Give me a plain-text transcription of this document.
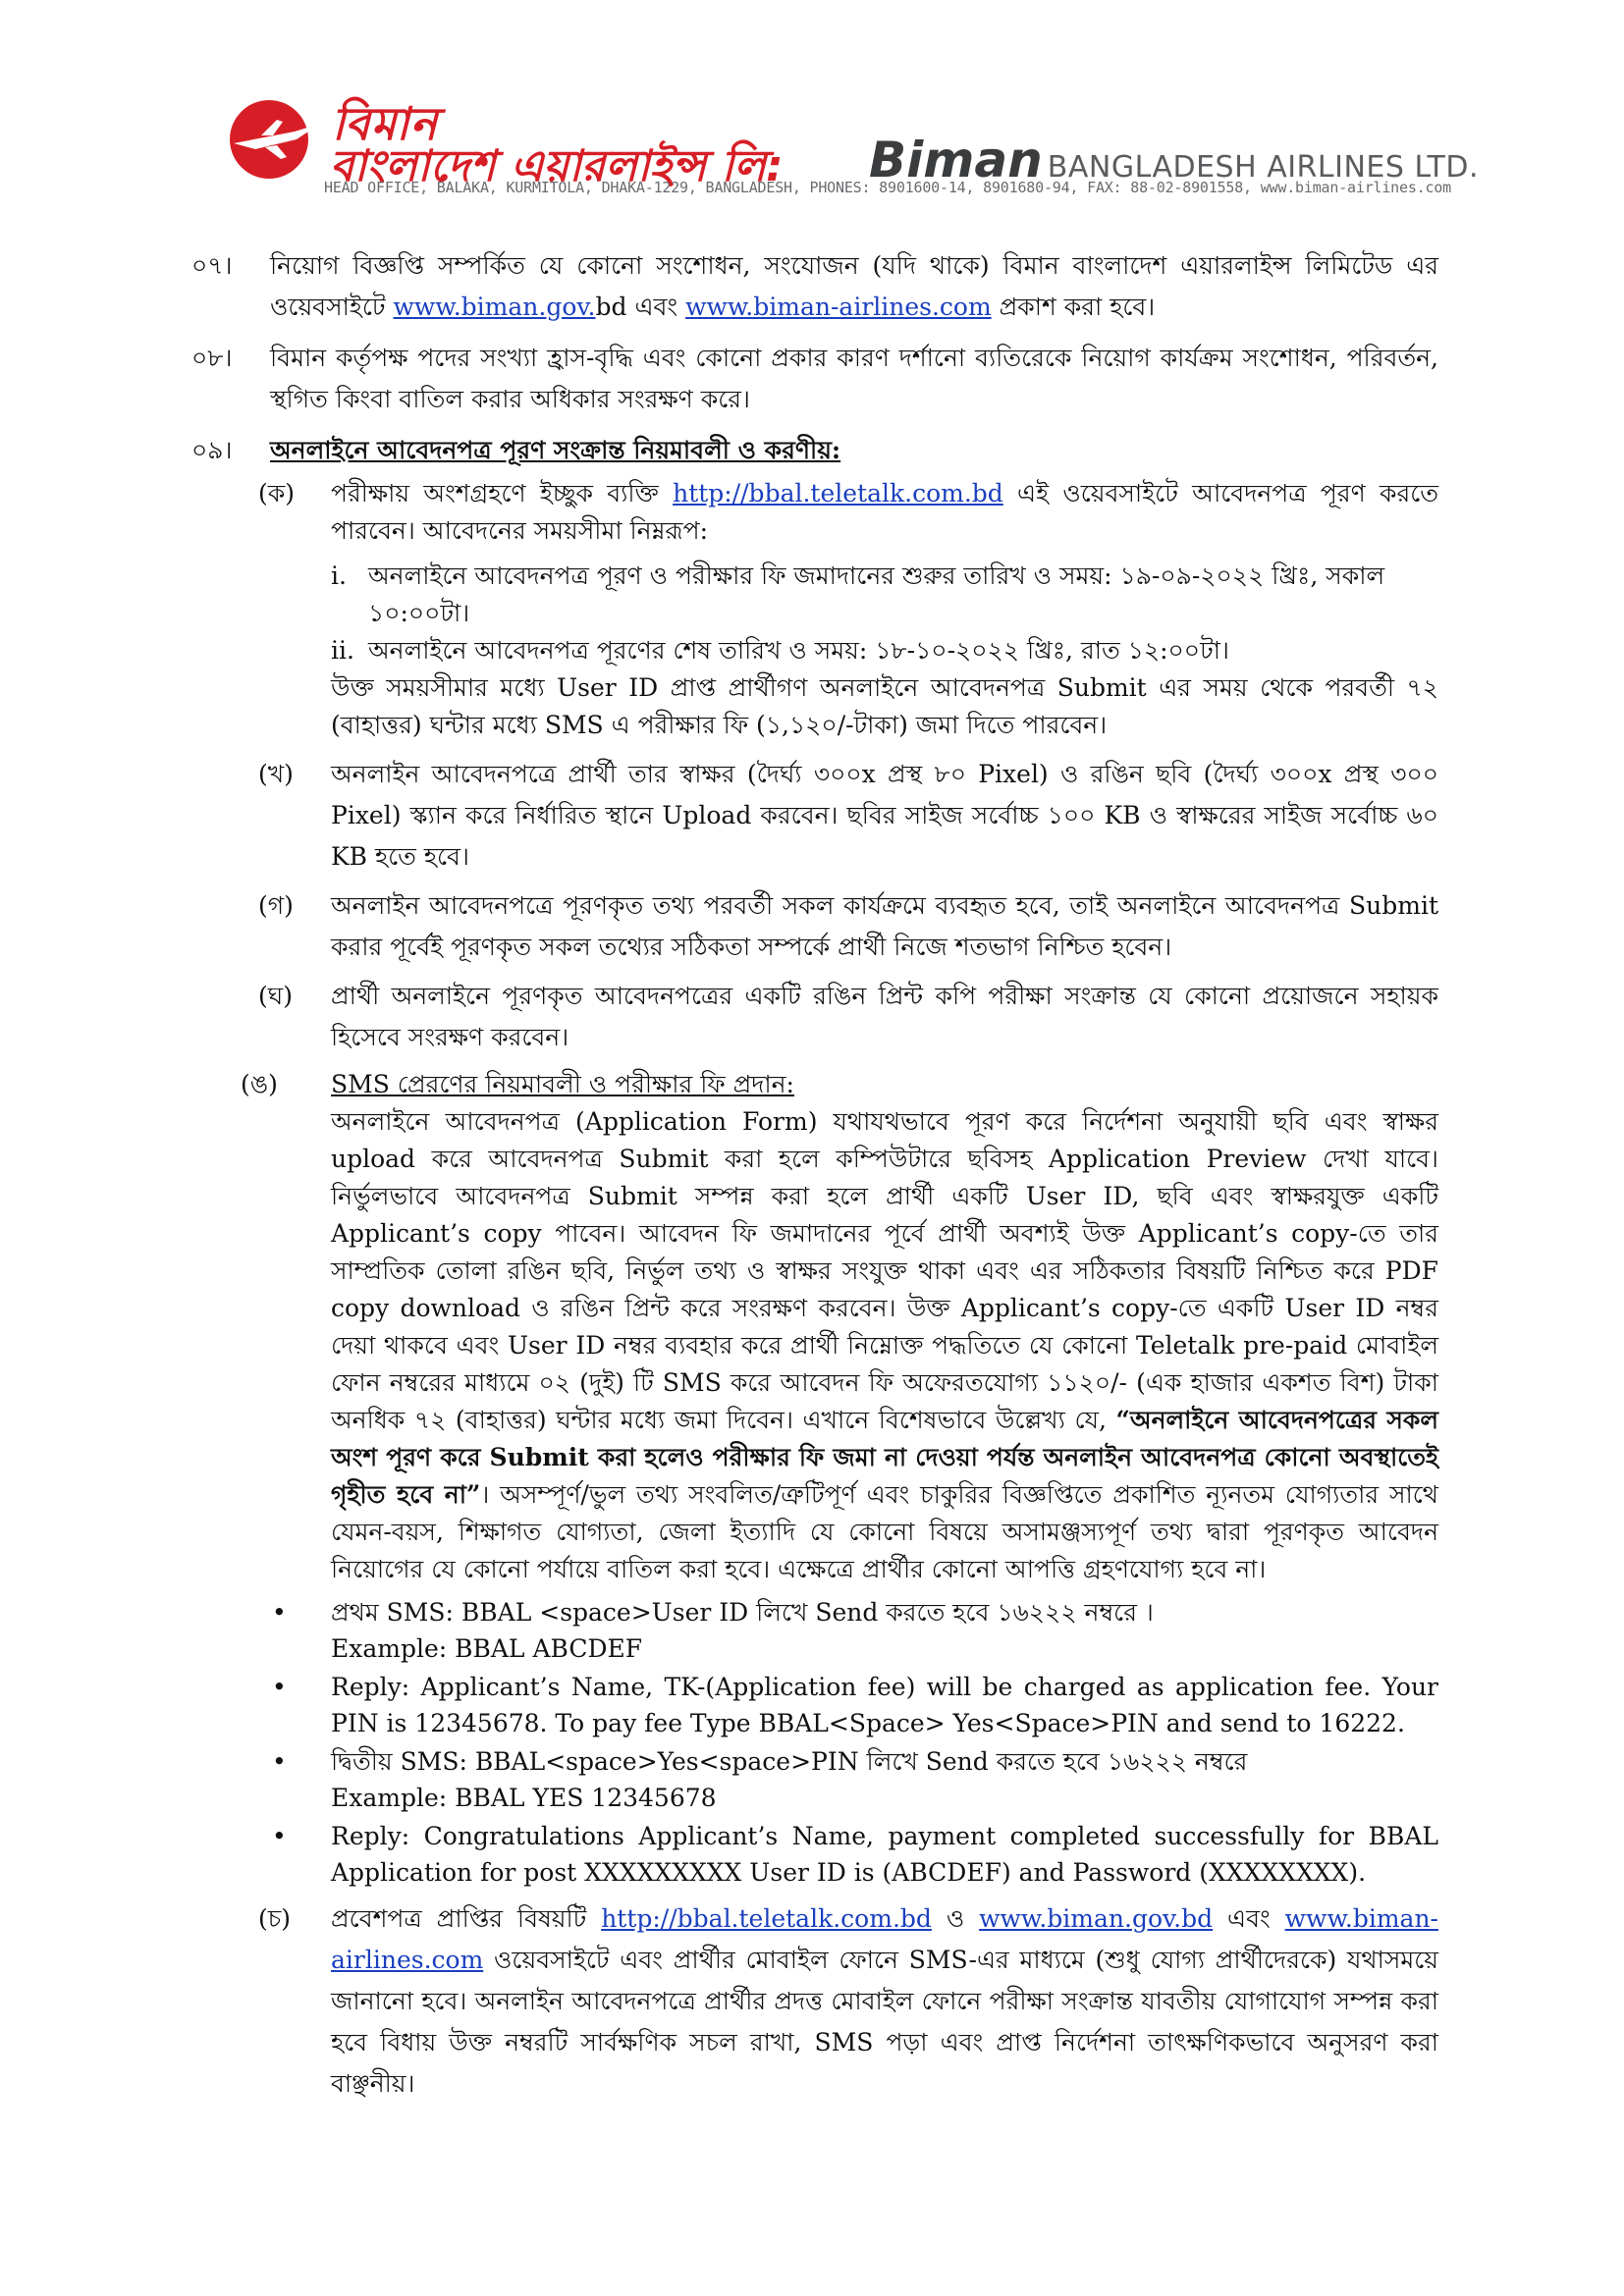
বিমান
বাংলাদেশ এয়ারলাইন্স লি: Biman BANGLADESH AIRLINES LTD.
HEAD OFFICE, BALAKA, KURMITOLA, DHAKA-1229, BANGLADESH, PHONES: 8901600-14, 8901680-94, FAX: 88-02-8901558, www.biman-airlines.com
০৭। নিয়োগ বিজ্ঞপ্তি সম্পর্কিত যে কোনো সংশোধন, সংযোজন (যদি থাকে) বিমান বাংলাদেশ এয়ারলাইন্স লিমিটেড এর ওয়েবসাইটে www.biman.gov.bd এবং www.biman-airlines.com প্রকাশ করা হবে।
০৮। বিমান কর্তৃপক্ষ পদের সংখ্যা হ্রাস-বৃদ্ধি এবং কোনো প্রকার কারণ দর্শানো ব্যতিরেকে নিয়োগ কার্যক্রম সংশোধন, পরিবর্তন, স্থগিত কিংবা বাতিল করার অধিকার সংরক্ষণ করে।
০৯। অনলাইনে আবেদনপত্র পূরণ সংক্রান্ত নিয়মাবলী ও করণীয়:
(ক) পরীক্ষায় অংশগ্রহণে ইচ্ছুক ব্যক্তি http://bbal.teletalk.com.bd এই ওয়েবসাইটে আবেদনপত্র পূরণ করতে পারবেন। আবেদনের সময়সীমা নিম্নরূপ:
i. অনলাইনে আবেদনপত্র পূরণ ও পরীক্ষার ফি জমাদানের শুরুর তারিখ ও সময়: ১৯-০৯-২০২২ খ্রিঃ, সকাল ১০:০০টা।
ii. অনলাইনে আবেদনপত্র পূরণের শেষ তারিখ ও সময়: ১৮-১০-২০২২ খ্রিঃ, রাত ১২:০০টা।
উক্ত সময়সীমার মধ্যে User ID প্রাপ্ত প্রার্থীগণ অনলাইনে আবেদনপত্র Submit এর সময় থেকে পরবর্তী ৭২ (বাহাত্তর) ঘন্টার মধ্যে SMS এ পরীক্ষার ফি (১,১২০/-টাকা) জমা দিতে পারবেন।
(খ) অনলাইন আবেদনপত্রে প্রার্থী তার স্বাক্ষর (দৈর্ঘ্য ৩০০x প্রস্থ ৮০ Pixel) ও রঙিন ছবি (দৈর্ঘ্য ৩০০x প্রস্থ ৩০০ Pixel) স্ক্যান করে নির্ধারিত স্থানে Upload করবেন। ছবির সাইজ সর্বোচ্চ ১০০ KB ও স্বাক্ষরের সাইজ সর্বোচ্চ ৬০ KB হতে হবে।
(গ) অনলাইন আবেদনপত্রে পূরণকৃত তথ্য পরবর্তী সকল কার্যক্রমে ব্যবহৃত হবে, তাই অনলাইনে আবেদনপত্র Submit করার পূর্বেই পূরণকৃত সকল তথ্যের সঠিকতা সম্পর্কে প্রার্থী নিজে শতভাগ নিশ্চিত হবেন।
(ঘ) প্রার্থী অনলাইনে পূরণকৃত আবেদনপত্রের একটি রঙিন প্রিন্ট কপি পরীক্ষা সংক্রান্ত যে কোনো প্রয়োজনে সহায়ক হিসেবে সংরক্ষণ করবেন।
(ঙ) SMS প্রেরণের নিয়মাবলী ও পরীক্ষার ফি প্রদান:
অনলাইনে আবেদনপত্র (Application Form) যথাযথভাবে পূরণ করে নির্দেশনা অনুযায়ী ছবি এবং স্বাক্ষর upload করে আবেদনপত্র Submit করা হলে কম্পিউটারে ছবিসহ Application Preview দেখা যাবে। নির্ভুলভাবে আবেদনপত্র Submit সম্পন্ন করা হলে প্রার্থী একটি User ID, ছবি এবং স্বাক্ষরযুক্ত একটি Applicant’s copy পাবেন। আবেদন ফি জমাদানের পূর্বে প্রার্থী অবশ্যই উক্ত Applicant’s copy-তে তার সাম্প্রতিক তোলা রঙিন ছবি, নির্ভুল তথ্য ও স্বাক্ষর সংযুক্ত থাকা এবং এর সঠিকতার বিষয়টি নিশ্চিত করে PDF copy download ও রঙিন প্রিন্ট করে সংরক্ষণ করবেন। উক্ত Applicant’s copy-তে একটি User ID নম্বর দেয়া থাকবে এবং User ID নম্বর ব্যবহার করে প্রার্থী নিম্নোক্ত পদ্ধতিতে যে কোনো Teletalk pre-paid মোবাইল ফোন নম্বরের মাধ্যমে ০২ (দুই) টি SMS করে আবেদন ফি অফেরতযোগ্য ১১২০/- (এক হাজার একশত বিশ) টাকা অনধিক ৭২ (বাহাত্তর) ঘন্টার মধ্যে জমা দিবেন। এখানে বিশেষভাবে উল্লেখ্য যে, “অনলাইনে আবেদনপত্রের সকল অংশ পূরণ করে Submit করা হলেও পরীক্ষার ফি জমা না দেওয়া পর্যন্ত অনলাইন আবেদনপত্র কোনো অবস্থাতেই গৃহীত হবে না”। অসম্পূর্ণ/ভুল তথ্য সংবলিত/ত্রুটিপূর্ণ এবং চাকুরির বিজ্ঞপ্তিতে প্রকাশিত ন্যূনতম যোগ্যতার সাথে যেমন-বয়স, শিক্ষাগত যোগ্যতা, জেলা ইত্যাদি যে কোনো বিষয়ে অসামঞ্জস্যপূর্ণ তথ্য দ্বারা পূরণকৃত আবেদন নিয়োগের যে কোনো পর্যায়ে বাতিল করা হবে। এক্ষেত্রে প্রার্থীর কোনো আপত্তি গ্রহণযোগ্য হবে না।
• প্রথম SMS: BBAL <space>User ID লিখে Send করতে হবে ১৬২২২ নম্বরে ।
Example: BBAL ABCDEF
• Reply: Applicant’s Name, TK-(Application fee) will be charged as application fee. Your PIN is 12345678. To pay fee Type BBAL<Space> Yes<Space>PIN and send to 16222.
• দ্বিতীয় SMS: BBAL<space>Yes<space>PIN লিখে Send করতে হবে ১৬২২২ নম্বরে
Example: BBAL YES 12345678
• Reply: Congratulations Applicant’s Name, payment completed successfully for BBAL Application for post XXXXXXXXX User ID is (ABCDEF) and Password (XXXXXXXX).
(চ) প্রবেশপত্র প্রাপ্তির বিষয়টি http://bbal.teletalk.com.bd ও www.biman.gov.bd এবং www.biman-airlines.com ওয়েবসাইটে এবং প্রার্থীর মোবাইল ফোনে SMS-এর মাধ্যমে (শুধু যোগ্য প্রার্থীদেরকে) যথাসময়ে জানানো হবে। অনলাইন আবেদনপত্রে প্রার্থীর প্রদত্ত মোবাইল ফোনে পরীক্ষা সংক্রান্ত যাবতীয় যোগাযোগ সম্পন্ন করা হবে বিধায় উক্ত নম্বরটি সার্বক্ষণিক সচল রাখা, SMS পড়া এবং প্রাপ্ত নির্দেশনা তাৎক্ষণিকভাবে অনুসরণ করা বাঞ্ছনীয়।
